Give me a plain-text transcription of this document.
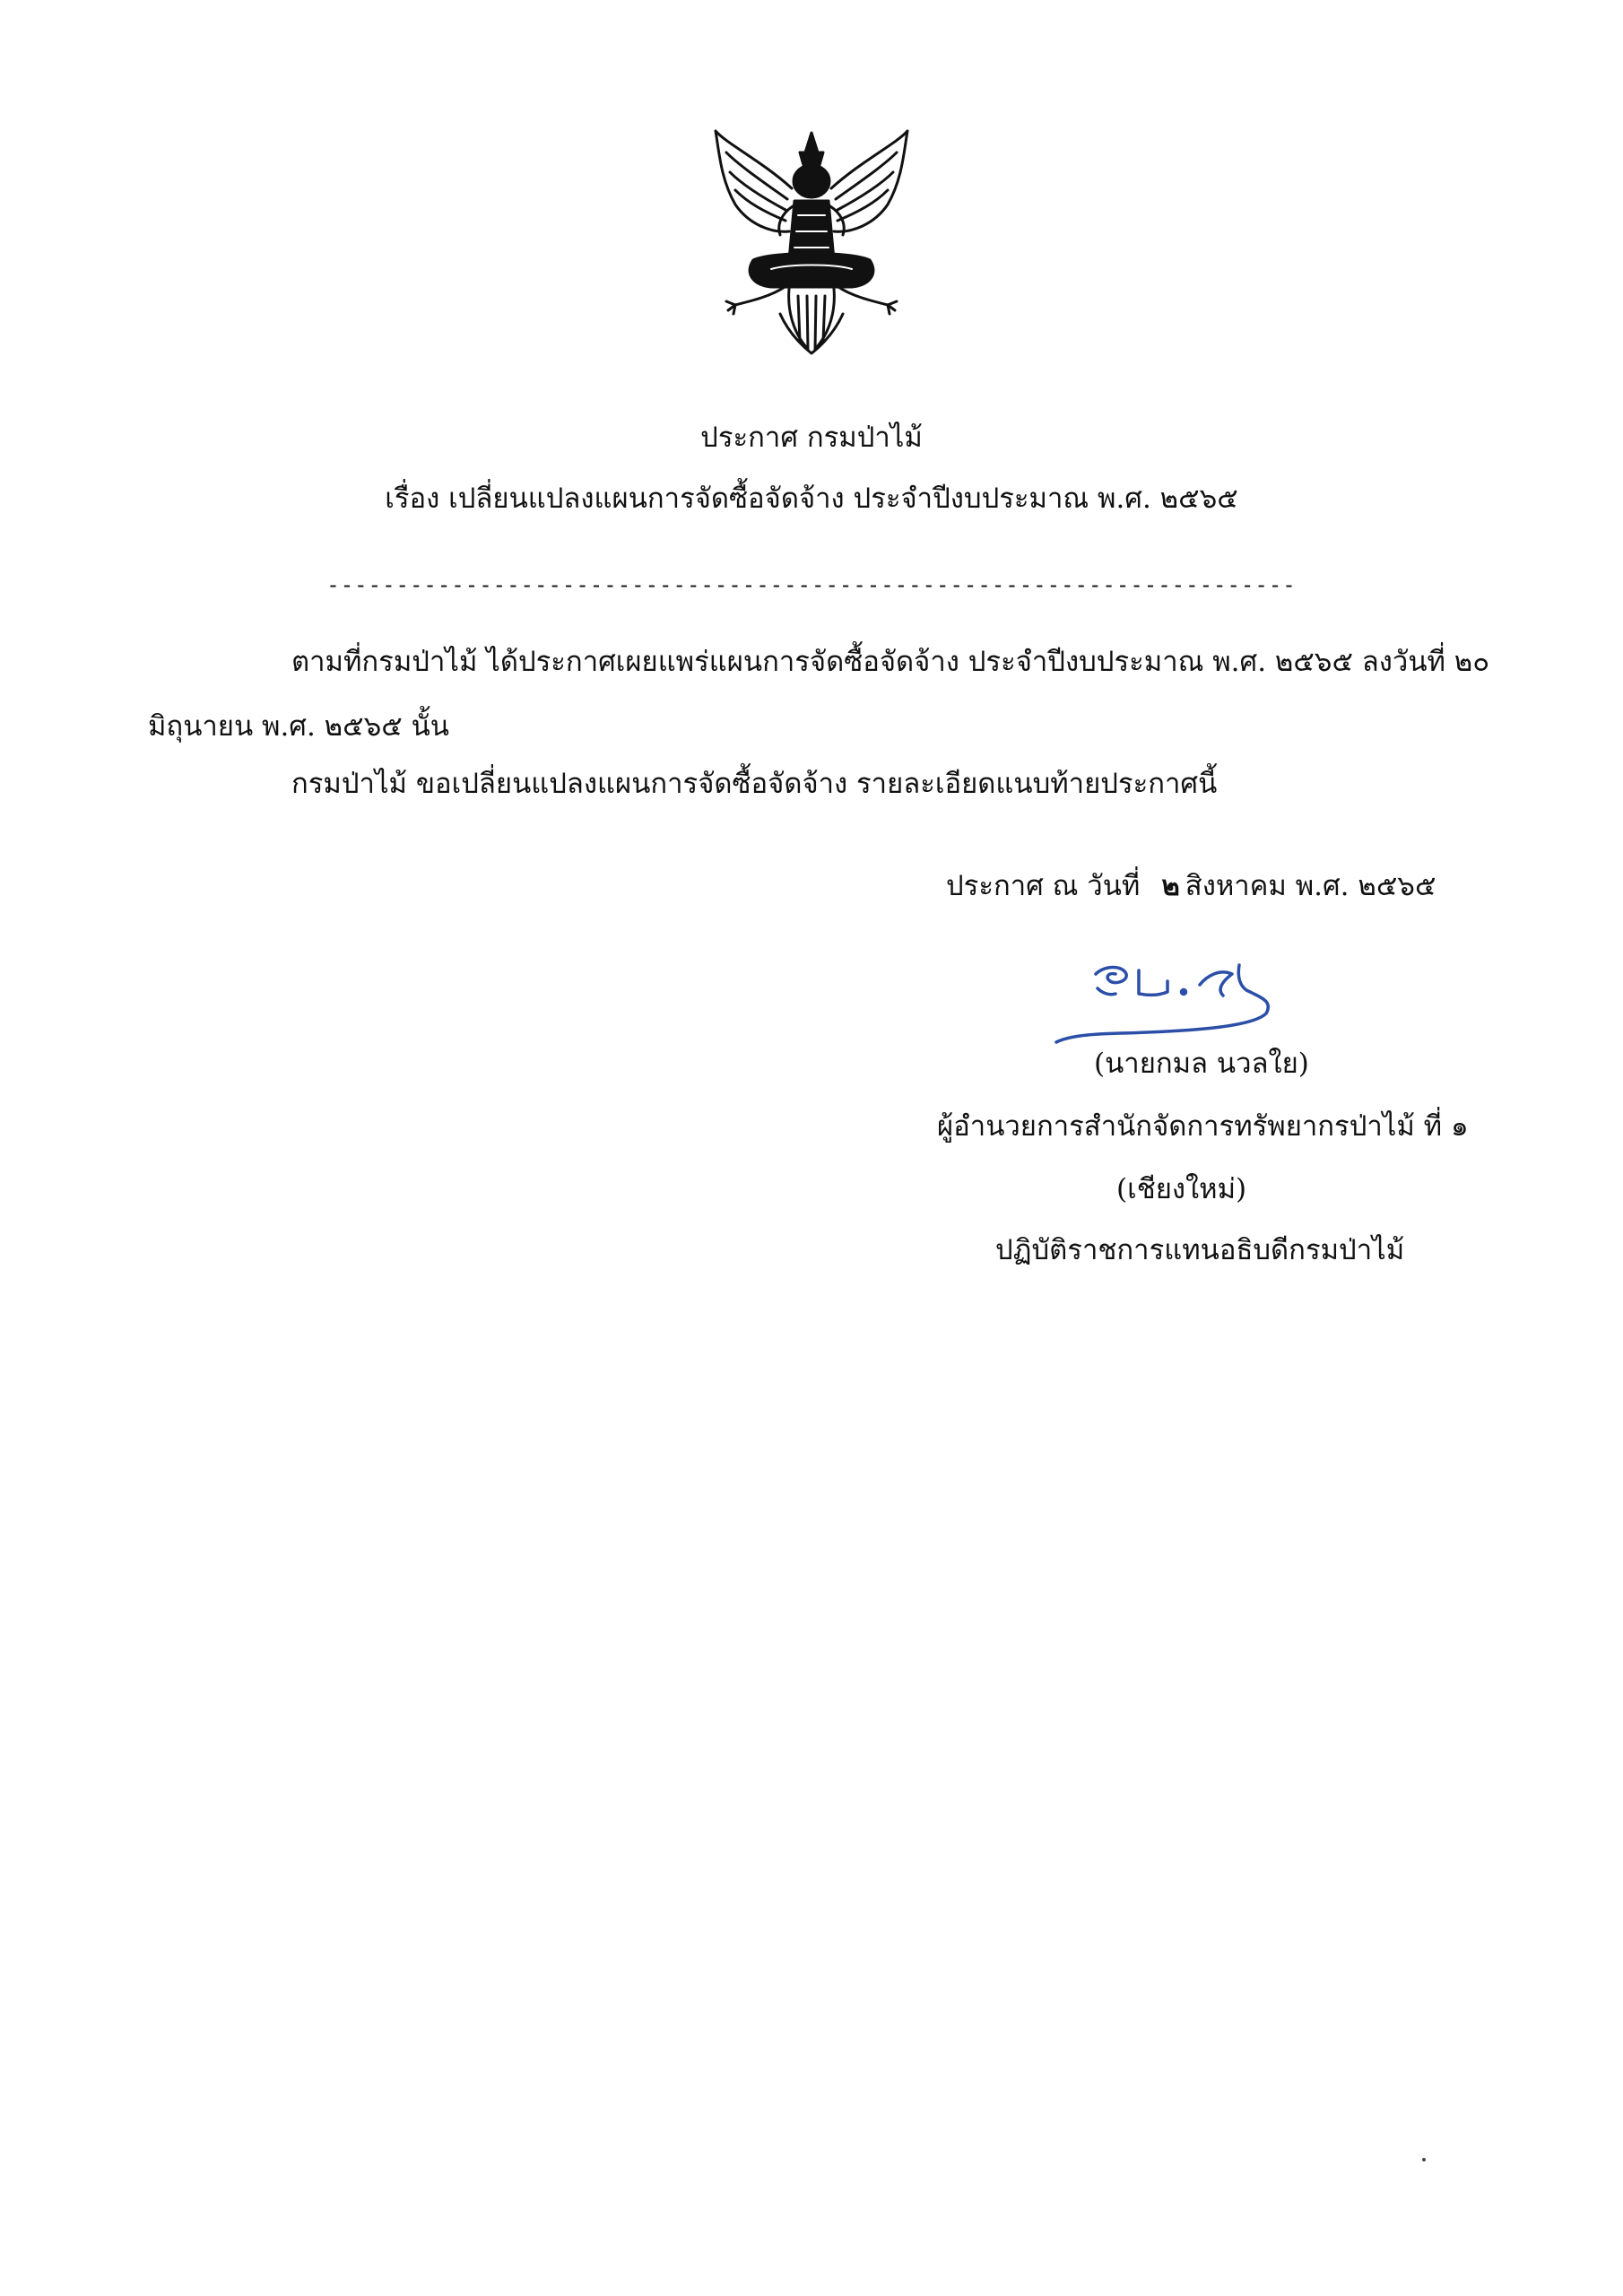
ประกาศ กรมป่าไม้
เรื่อง เปลี่ยนแปลงแผนการจัดซื้อจัดจ้าง ประจำปีงบประมาณ พ.ศ. ๒๕๖๕
----------------------------------------------------------------------
ตามที่กรมป่าไม้ ได้ประกาศเผยแพร่แผนการจัดซื้อจัดจ้าง ประจำปีงบประมาณ พ.ศ. ๒๕๖๕ ลงวันที่ ๒๐
มิถุนายน พ.ศ. ๒๕๖๕ นั้น
กรมป่าไม้ ขอเปลี่ยนแปลงแผนการจัดซื้อจัดจ้าง รายละเอียดแนบท้ายประกาศนี้
ประกาศ ณ วันที่ ๒ สิงหาคม พ.ศ. ๒๕๖๕
(นายกมล นวลใย)
ผู้อำนวยการสำนักจัดการทรัพยากรป่าไม้ ที่ ๑
(เชียงใหม่)
ปฏิบัติราชการแทนอธิบดีกรมป่าไม้
